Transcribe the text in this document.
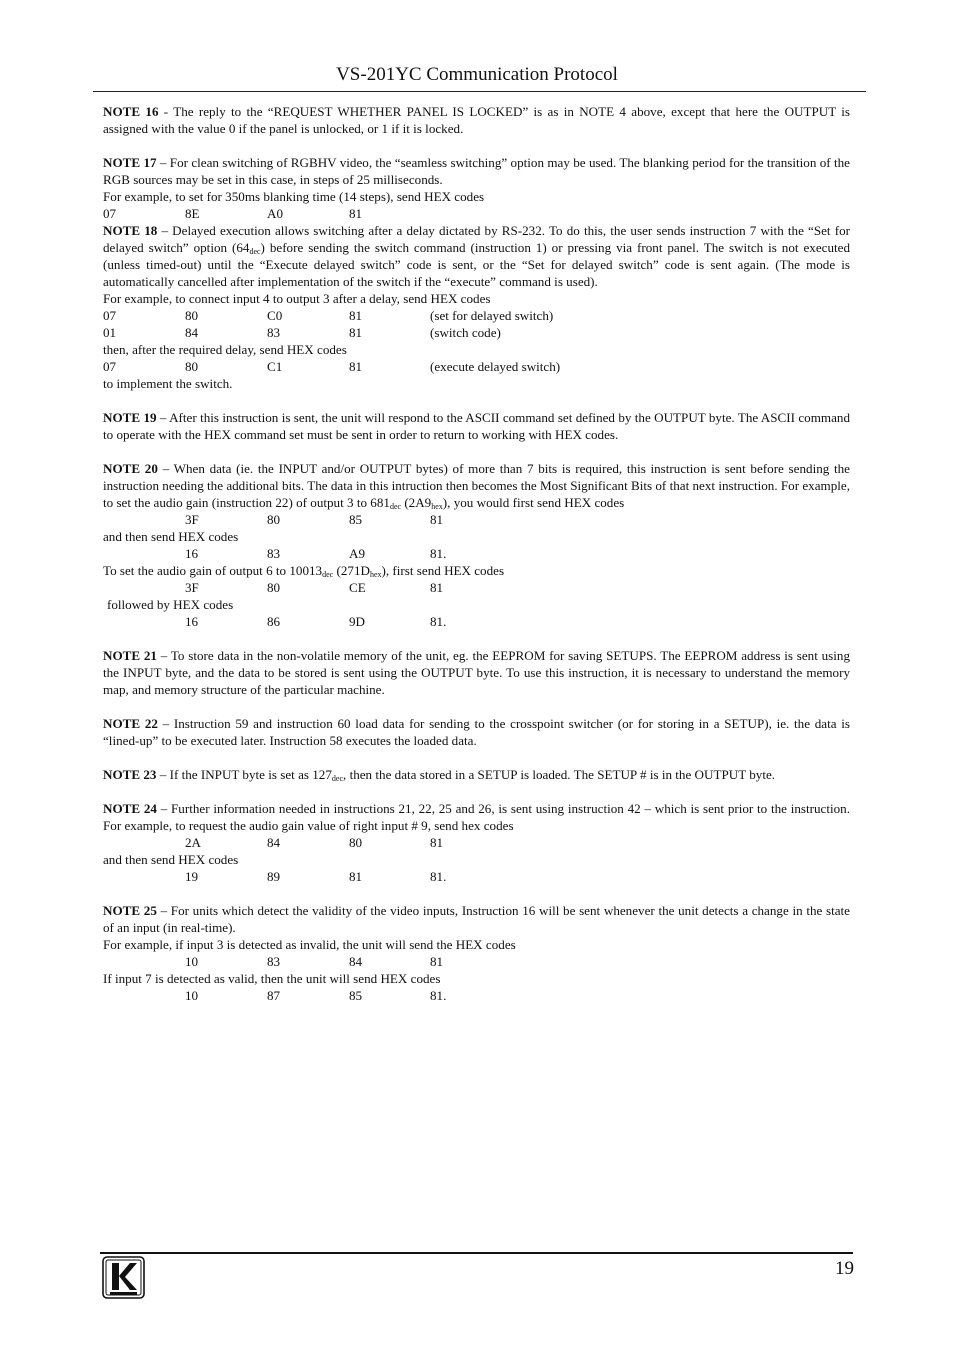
VS-201YC Communication Protocol

NOTE 16 - The reply to the “REQUEST WHETHER PANEL IS LOCKED” is as in NOTE 4 above, except that here the OUTPUT is assigned with the value 0 if the panel is unlocked, or 1 if it is locked.

NOTE 17 – For clean switching of RGBHV video, the “seamless switching” option may be used. The blanking period for the transition of the RGB sources may be set in this case, in steps of 25 milliseconds.

For example, to set for 350ms blanking time (14 steps), send HEX codes

07	8E	A0	81

NOTE 18 – Delayed execution allows switching after a delay dictated by RS-232. To do this, the user sends instruction 7 with the “Set for delayed switch” option $(64_{dec})$ before sending the switch command (instruction 1) or pressing via front panel. The switch is not executed (unless timed-out) until the “Execute delayed switch” code is sent, or the “Set for delayed switch” code is sent again. (The mode is automatically cancelled after implementation of the switch if the “execute” command is used).

For example, to connect input 4 to output 3 after a delay, send HEX codes

07	80	C0	81	(set for delayed switch)
01	84	83	81	(switch code)

then, after the required delay, send HEX codes

07	80	C1	81	(execute delayed switch)

to implement the switch.

NOTE 19 – After this instruction is sent, the unit will respond to the ASCII command set defined by the OUTPUT byte. The ASCII command to operate with the HEX command set must be sent in order to return to working with HEX codes.

NOTE 20 – When data (ie. the INPUT and/or OUTPUT bytes) of more than 7 bits is required, this instruction is sent before sending the instruction needing the additional bits. The data in this intruction then becomes the Most Significant Bits of that next instruction. For example, to set the audio gain (instruction 22) of output 3 to $681_{dec}$ $(2A9_{hex})$, you would first send HEX codes

3F	80	85	81

and then send HEX codes

16	83	A9	81.

To set the audio gain of output 6 to $10013_{dec}$ $(271D_{hex})$, first send HEX codes

3F	80	CE	81

followed by HEX codes

16	86	9D	81.

NOTE 21 – To store data in the non-volatile memory of the unit, eg. the EEPROM for saving SETUPS. The EEPROM address is sent using the INPUT byte, and the data to be stored is sent using the OUTPUT byte. To use this instruction, it is necessary to understand the memory map, and memory structure of the particular machine.

NOTE 22 – Instruction 59 and instruction 60 load data for sending to the crosspoint switcher (or for storing in a SETUP), ie. the data is “lined-up” to be executed later. Instruction 58 executes the loaded data.

NOTE 23 – If the INPUT byte is set as $127_{dec}$, then the data stored in a SETUP is loaded. The SETUP # is in the OUTPUT byte.

NOTE 24 – Further information needed in instructions 21, 22, 25 and 26, is sent using instruction 42 – which is sent prior to the instruction. For example, to request the audio gain value of right input # 9, send hex codes

2A	84	80	81

and then send HEX codes

19	89	81	81.

NOTE 25 – For units which detect the validity of the video inputs, Instruction 16 will be sent whenever the unit detects a change in the state of an input (in real-time).

For example, if input 3 is detected as invalid, the unit will send the HEX codes

10	83	84	81

If input 7 is detected as valid, then the unit will send HEX codes

10	87	85	81.
19
